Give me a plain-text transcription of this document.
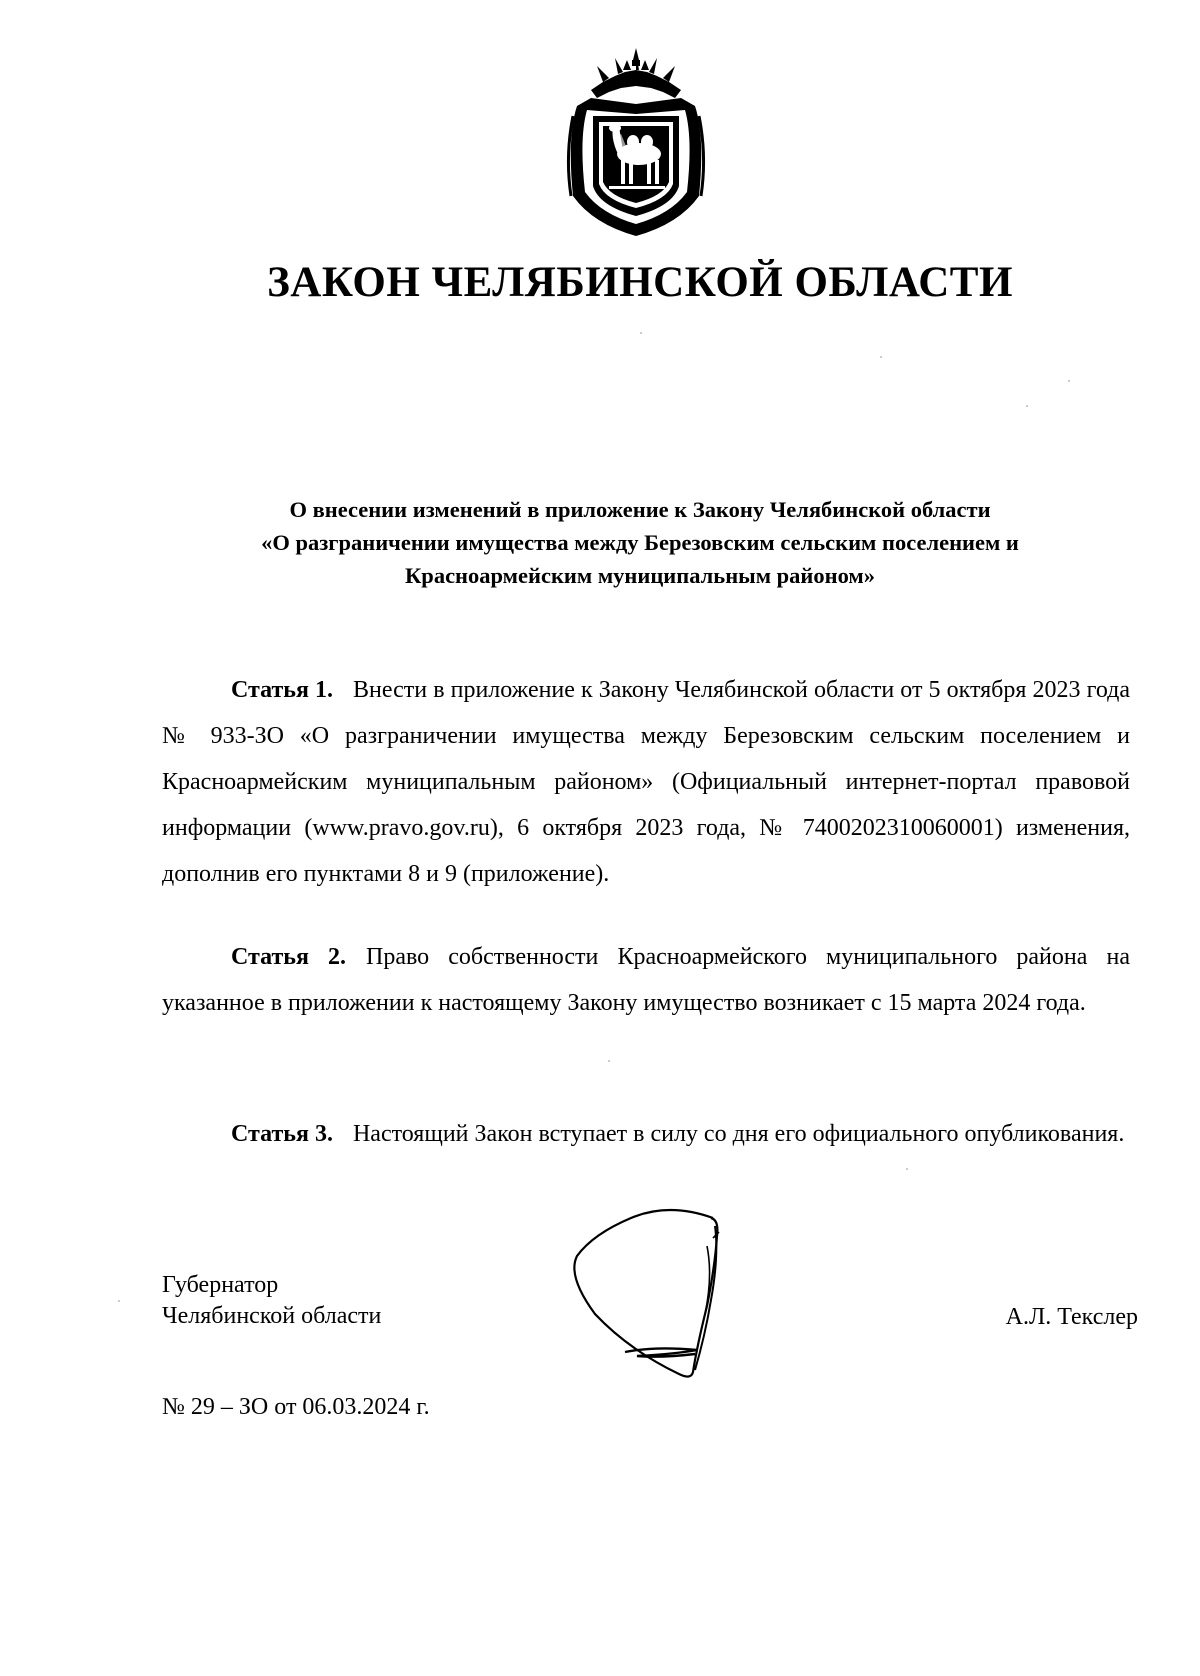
ЗАКОН ЧЕЛЯБИНСКОЙ ОБЛАСТИ
О внесении изменений в приложение к Закону Челябинской области
«О разграничении имущества между Березовским сельским поселением и
Красноармейским муниципальным районом»
Статья 1. Внести в приложение к Закону Челябинской области от 5 октября 2023 года № 933-ЗО «О разграничении имущества между Березовским сельским поселением и Красноармейским муниципальным районом» (Официальный интернет-портал правовой информации (www.pravo.gov.ru), 6 октября 2023 года, № 7400202310060001) изменения, дополнив его пунктами 8 и 9 (приложение).
Статья 2. Право собственности Красноармейского муниципального района на указанное в приложении к настоящему Закону имущество возникает с 15 марта 2024 года.
Статья 3. Настоящий Закон вступает в силу со дня его официального опубликования.
Губернатор
Челябинской области	А.Л. Текслер
№ 29 – ЗО от 06.03.2024 г.
